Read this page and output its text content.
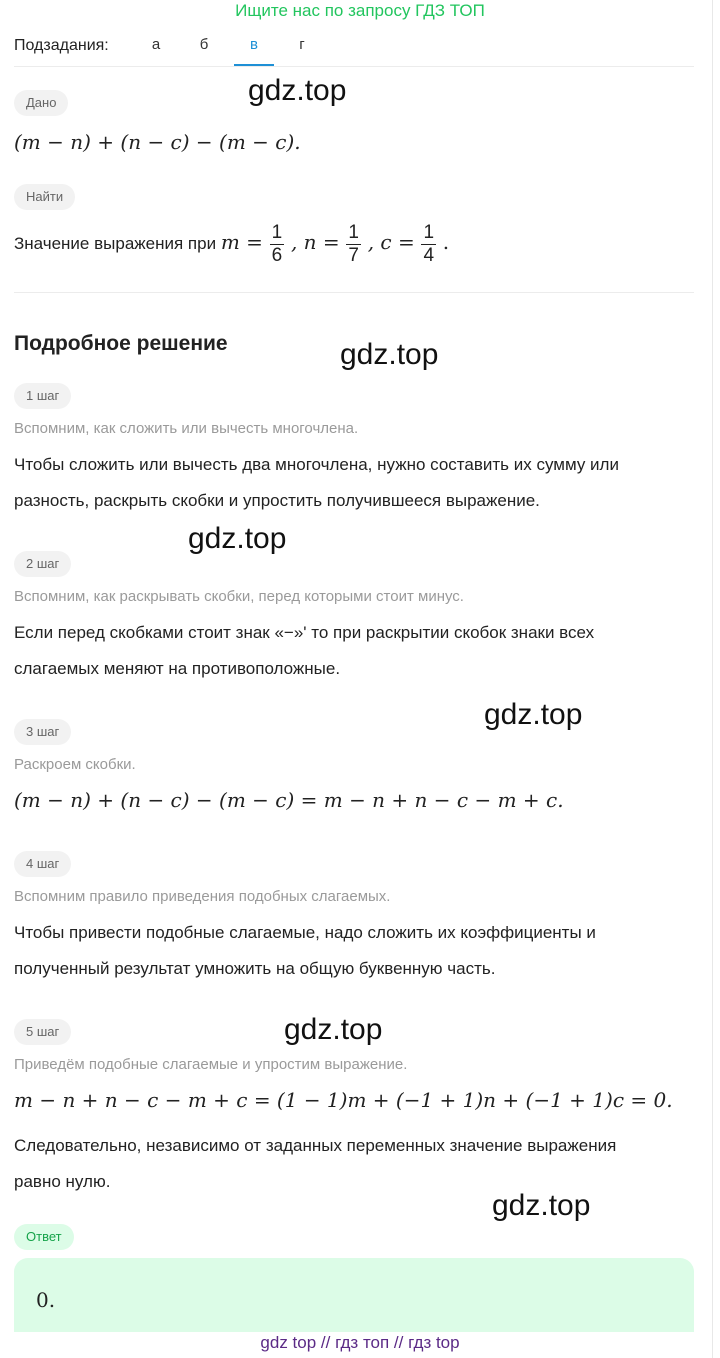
Ищите нас по запросу ГДЗ ТОП
Подзадания:	а	б	в	г
gdz.top
Дано
(m − n) + (n − c) − (m − c).
Найти
Значение выражения при $m = \frac{1}{6}$ , $n = \frac{1}{7}$ , $c = \frac{1}{4}$ .
Подробное решение	gdz.top
1 шаг
Вспомним, как сложить или вычесть многочлена.
Чтобы сложить или вычесть два многочлена, нужно составить их сумму или
разность, раскрыть скобки и упростить получившееся выражение.
gdz.top
2 шаг
Вспомним, как раскрывать скобки, перед которыми стоит минус.
Если перед скобками стоит знак «−»' то при раскрытии скобок знаки всех
слагаемых меняют на противоположные.
gdz.top
3 шаг
Раскроем скобки.
(m − n) + (n − c) − (m − c) = m − n + n − c − m + c.
4 шаг
Вспомним правило приведения подобных слагаемых.
Чтобы привести подобные слагаемые, надо сложить их коэффициенты и
полученный результат умножить на общую буквенную часть.
gdz.top
5 шаг
Приведём подобные слагаемые и упростим выражение.
m − n + n − c − m + c = (1 − 1)m + (−1 + 1)n + (−1 + 1)c = 0.
Следовательно, независимо от заданных переменных значение выражения
равно нулю.
gdz.top
Ответ
0.
gdz top // гдз топ // гдз top
